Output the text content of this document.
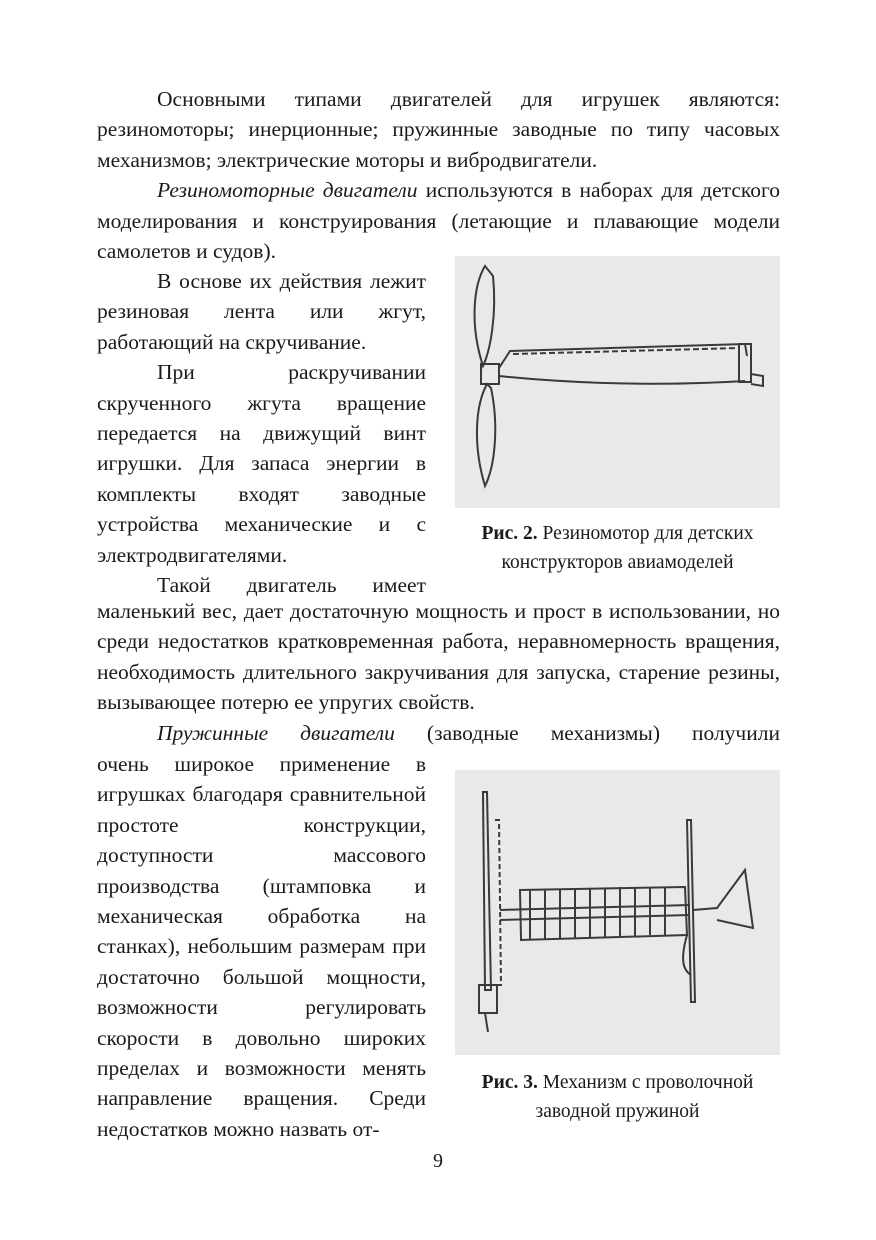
Основными типами двигателей для игрушек являются: резиномоторы; инерционные; пружинные заводные по типу часовых механизмов; электрические моторы и вибродвигатели.

Резиномоторные двигатели используются в наборах для детского моделирования и конструирования (летающие и плавающие модели самолетов и судов).

В основе их действия лежит резиновая лента или жгут, работающий на скручивание.

При раскручивании скрученного жгута вращение передается на движущий винт игрушки. Для запаса энергии в комплекты входят заводные устройства механические и с электродвигателями.

Такой двигатель имеет

Рис. 2. Резиномотор для детских
конструкторов авиамоделей

маленький вес, дает достаточную мощность и прост в использовании, но среди недостатков кратковременная работа, неравномерность вращения, необходимость длительного закручивания для запуска, старение резины, вызывающее потерю ее упругих свойств.

Пружинные двигатели (заводные механизмы) получили

очень широкое применение в игрушках благодаря сравнительной простоте конструкции, доступности массового производства (штамповка и механическая обработка на станках), небольшим размерам при достаточно большой мощности, возможности регулировать скорости в довольно широких пределах и возможности менять направление вращения. Среди недостатков можно назвать от-

Рис. 3. Механизм с проволочной
заводной пружиной
9
